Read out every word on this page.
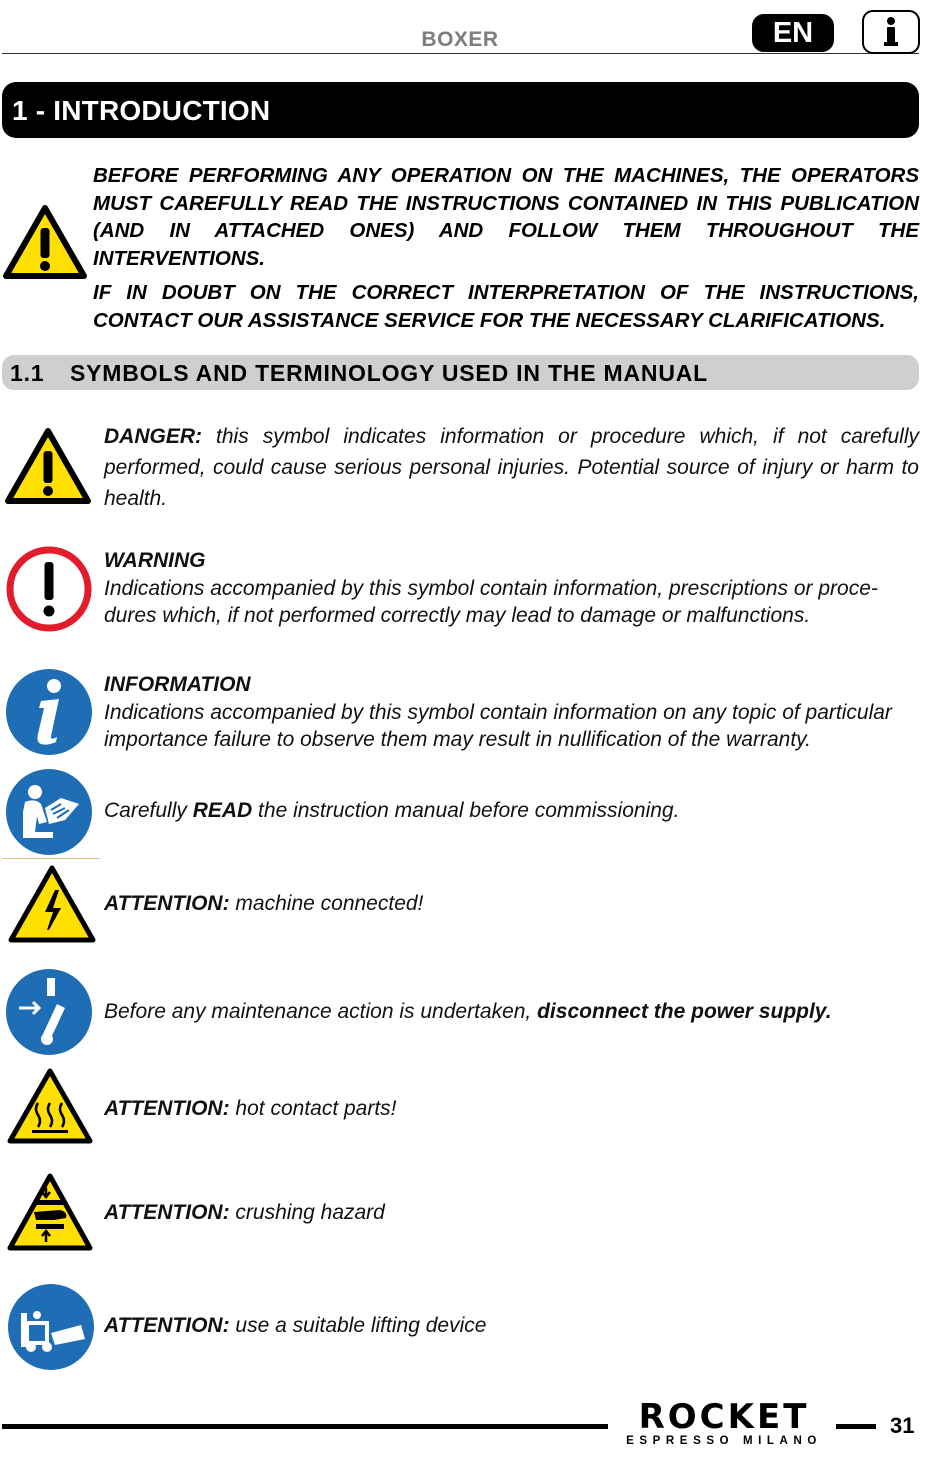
BOXER	EN
1 - INTRODUCTION

BEFORE PERFORMING ANY OPERATION ON THE MACHINES, THE OPERATORS MUST CAREFULLY READ THE INSTRUCTIONS CONTAINED IN THIS PUBLICATION (AND IN ATTACHED ONES) AND FOLLOW THEM THROUGHOUT THE INTERVENTIONS.

IF IN DOUBT ON THE CORRECT INTERPRETATION OF THE INSTRUCTIONS, CONTACT OUR ASSISTANCE SERVICE FOR THE NECESSARY CLARIFICATIONS.

1.1 SYMBOLS AND TERMINOLOGY USED IN THE MANUAL
DANGER: this symbol indicates information or procedure which, if not carefully performed, could cause serious personal injuries. Potential source of injury or harm to health.
WARNING
Indications accompanied by this symbol contain information, prescriptions or proce-dures which, if not performed correctly may lead to damage or malfunctions.
INFORMATION
Indications accompanied by this symbol contain information on any topic of particular importance failure to observe them may result in nullification of the warranty.
Carefully READ the instruction manual before commissioning.
ATTENTION: machine connected!
Before any maintenance action is undertaken, disconnect the power supply.
ATTENTION: hot contact parts!
ATTENTION: crushing hazard
ATTENTION: use a suitable lifting device
ROCKET
ESPRESSO MILANO
31
